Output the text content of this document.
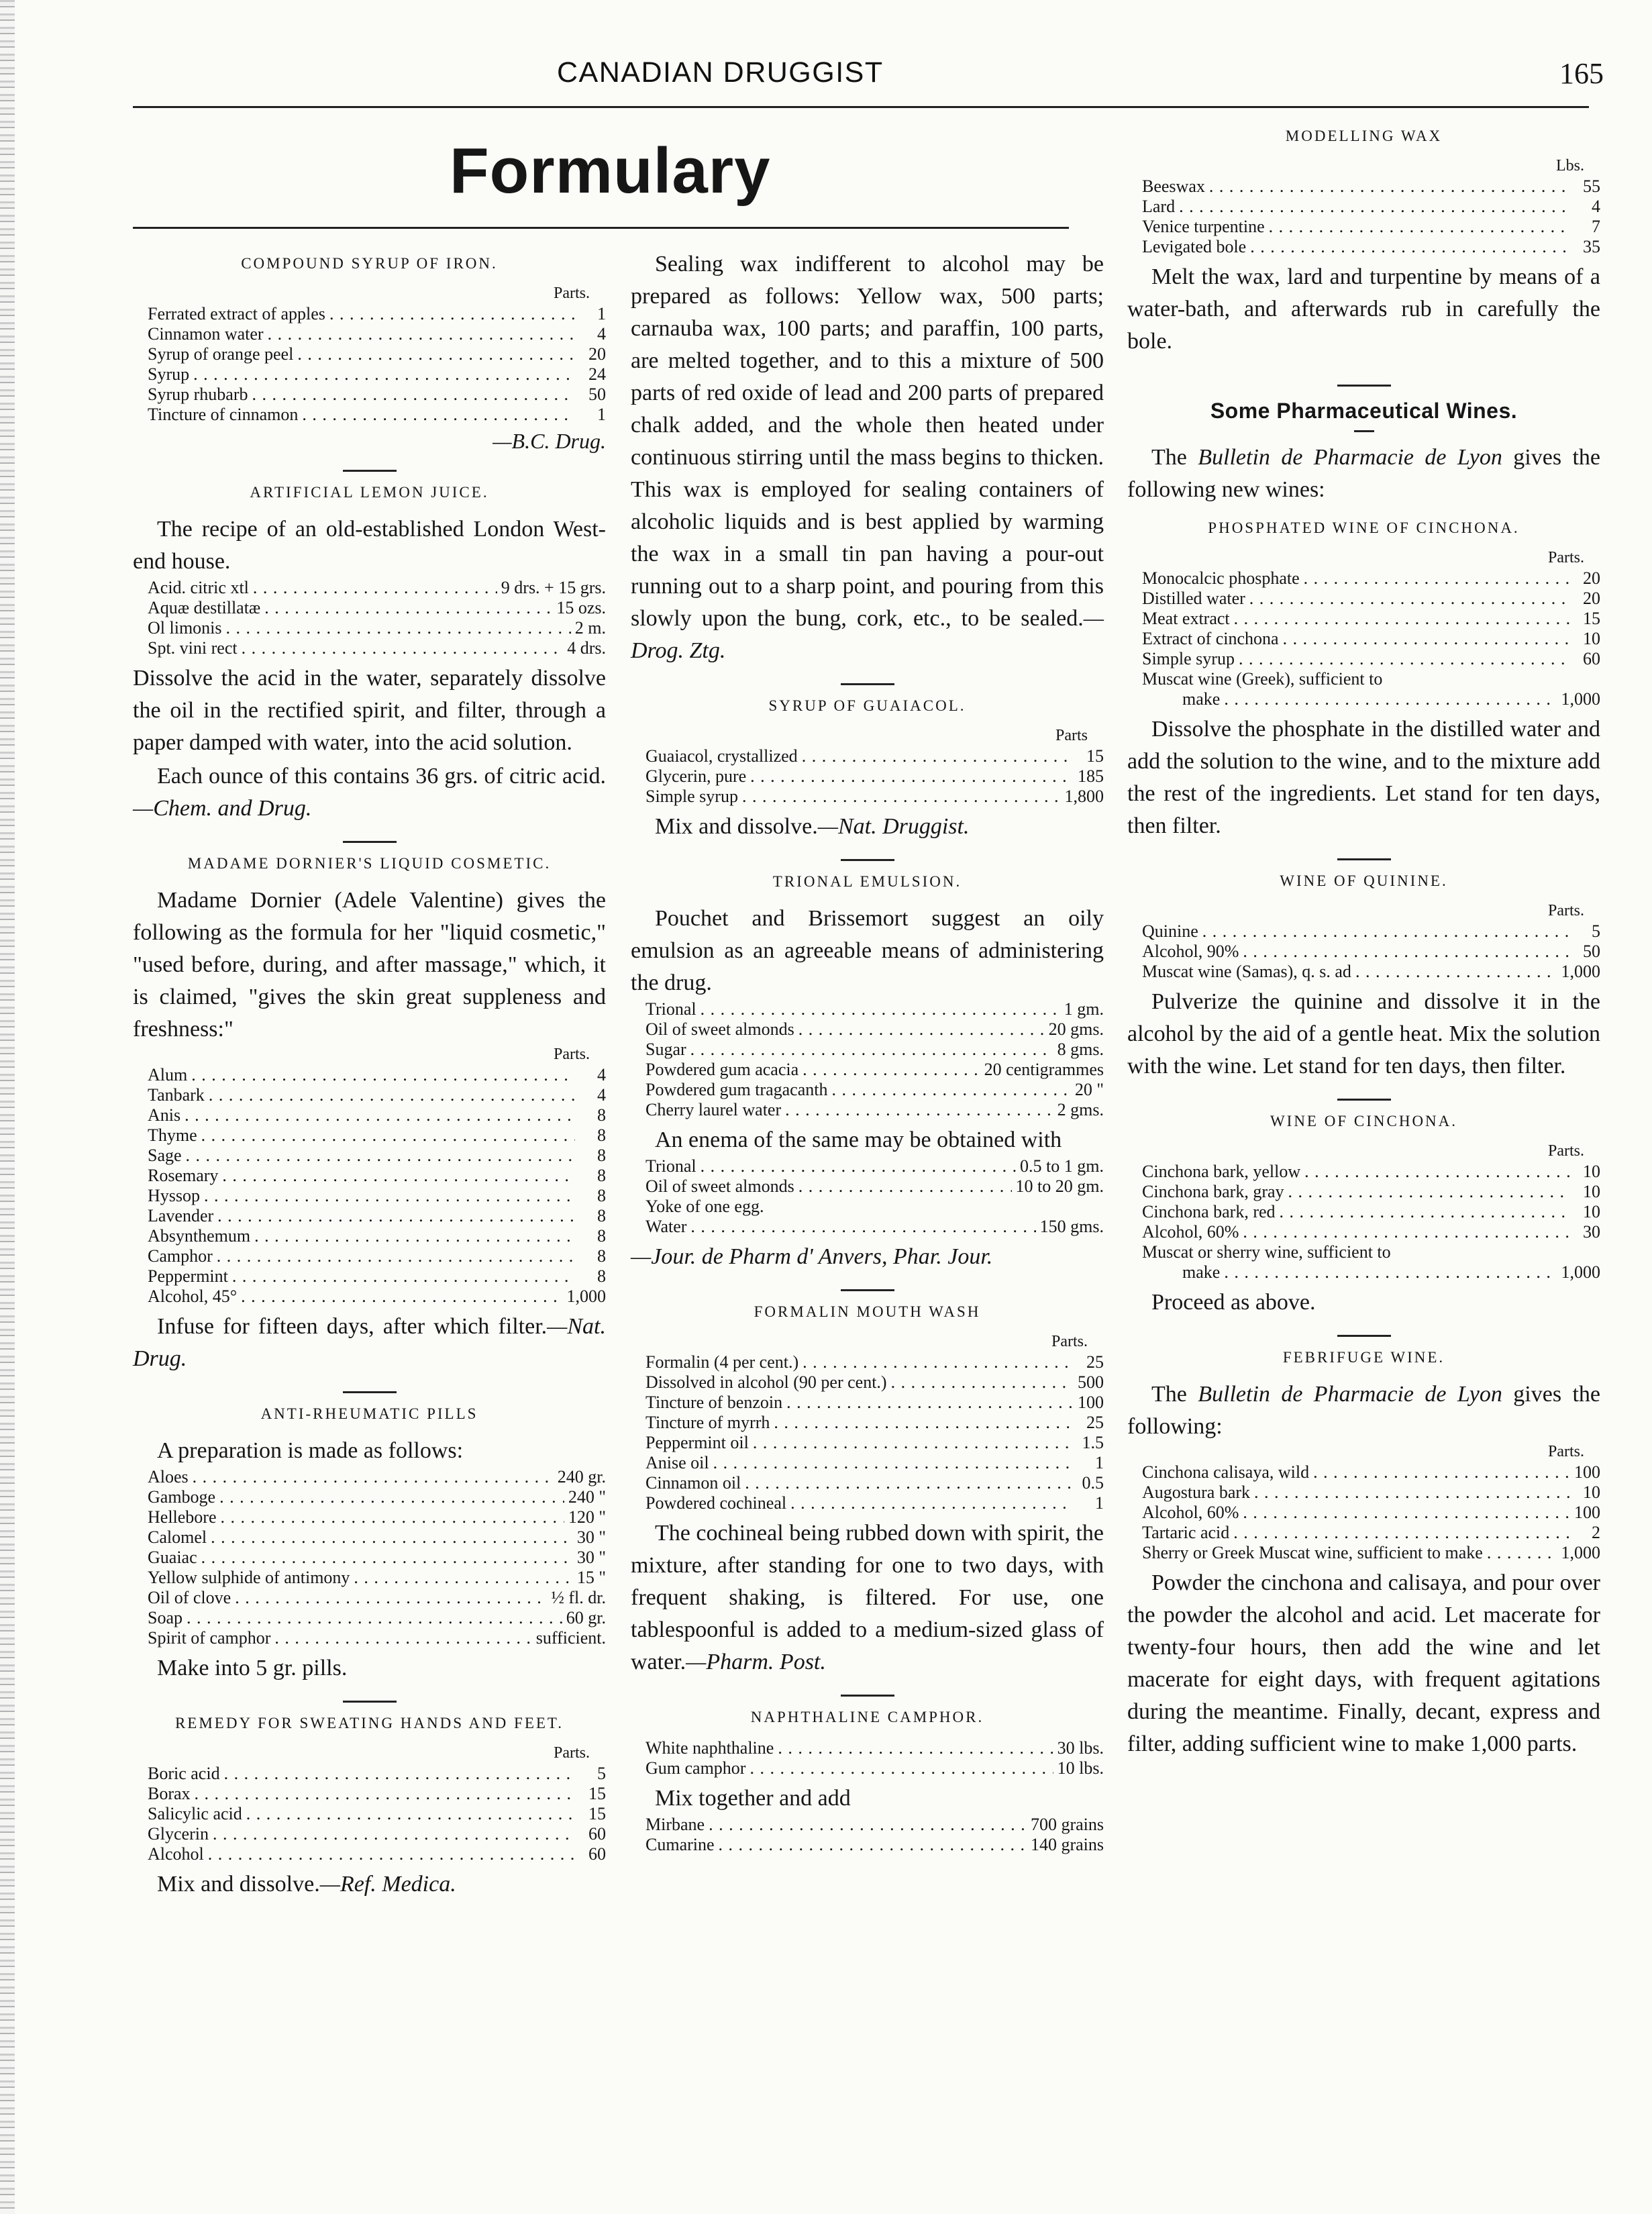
CANADIAN DRUGGIST	165
Formulary
COMPOUND SYRUP OF IRON.
Parts.
Ferrated extract of apples . . .	1
Cinnamon water . . .	4
Syrup of orange peel . . .	20
Syrup . . .	24
Syrup rhubarb . . .	50
Tincture of cinnamon . . .	1
—B.C. Drug.
ARTIFICIAL LEMON JUICE.

The recipe of an old-established London West-end house.

Acid. citric xtl . . .	9 drs. + 15 grs.
Aquæ destillatæ . . .	15 ozs.
Ol limonis . . .	2 m.
Spt. vini rect . . .	4 drs.

Dissolve the acid in the water, separately dissolve the oil in the rectified spirit, and filter, through a paper damped with water, into the acid solution.

Each ounce of this contains 36 grs. of citric acid.—Chem. and Drug.

MADAME DORNIER'S LIQUID COSMETIC.

Madame Dornier (Adele Valentine) gives the following as the formula for her "liquid cosmetic," "used before, during, and after massage," which, it is claimed, "gives the skin great suppleness and freshness:"

Parts.
Alum . . .	4
Tanbark . . .	4
Anis . . .	8
Thyme . . .	8
Sage . . .	8
Rosemary . . .	8
Hyssop . . .	8
Lavender . . .	8
Absynthemum . . .	8
Camphor . . .	8
Peppermint . . .	8
Alcohol, 45° . . .	1,000

Infuse for fifteen days, after which filter.—Nat. Drug.

ANTI-RHEUMATIC PILLS

A preparation is made as follows:

Aloes . . .	240 gr.
Gamboge . . .	240 "
Hellebore . . .	120 "
Calomel . . .	30 "
Guaiac . . .	30 "
Yellow sulphide of antimony . . .	15 "
Oil of clove . . .	½ fl. dr.
Soap . . .	60 gr.
Spirit of camphor . . .	sufficient.

Make into 5 gr. pills.

REMEDY FOR SWEATING HANDS AND FEET.
Parts.
Boric acid . . .	5
Borax . . .	15
Salicylic acid . . .	15
Glycerin . . .	60
Alcohol . . .	60

Mix and dissolve.—Ref. Medica.

Sealing wax indifferent to alcohol may be prepared as follows: Yellow wax, 500 parts; carnauba wax, 100 parts; and paraffin, 100 parts, are melted together, and to this a mixture of 500 parts of red oxide of lead and 200 parts of prepared chalk added, and the whole then heated under continuous stirring until the mass begins to thicken. This wax is employed for sealing containers of alcoholic liquids and is best applied by warming the wax in a small tin pan having a pour-out running out to a sharp point, and pouring from this slowly upon the bung, cork, etc., to be sealed.—Drog. Ztg.

SYRUP OF GUAIACOL.
Parts
Guaiacol, crystallized . . .	15
Glycerin, pure . . .	185
Simple syrup . . .	1,800

Mix and dissolve.—Nat. Druggist.

TRIONAL EMULSION.

Pouchet and Brissemort suggest an oily emulsion as an agreeable means of administering the drug.

Trional . . .	1 gm.
Oil of sweet almonds . . .	20 gms.
Sugar . . .	8 gms.
Powdered gum acacia . . .	20 centigrammes
Powdered gum tragacanth . . .	20 "
Cherry laurel water . . .	2 gms.

An enema of the same may be obtained with

Trional . . .	0.5 to 1 gm.
Oil of sweet almonds . . .	10 to 20 gm.
Yoke of one egg.
Water . . .	150 gms.

—Jour. de Pharm d' Anvers, Phar. Jour.

FORMALIN MOUTH WASH
Parts.
Formalin (4 per cent.) . . .	25
Dissolved in alcohol (90 per cent.) . . .	500
Tincture of benzoin . . .	100
Tincture of myrrh . . .	25
Peppermint oil . . .	1.5
Anise oil . . .	1
Cinnamon oil . . .	0.5
Powdered cochineal . . .	1

The cochineal being rubbed down with spirit, the mixture, after standing for one to two days, with frequent shaking, is filtered. For use, one tablespoonful is added to a medium-sized glass of water.—Pharm. Post.

NAPHTHALINE CAMPHOR.
White naphthaline . . .	30 lbs.
Gum camphor . . .	10 lbs.

Mix together and add

Mirbane . . .	700 grains
Cumarine . . .	140 grains
MODELLING WAX
Lbs.
Beeswax . . .	55
Lard . . .	4
Venice turpentine . . .	7
Levigated bole . . .	35

Melt the wax, lard and turpentine by means of a water-bath, and afterwards rub in carefully the bole.

Some Pharmaceutical Wines.

The Bulletin de Pharmacie de Lyon gives the following new wines:

PHOSPHATED WINE OF CINCHONA.
Parts.
Monocalcic phosphate . . .	20
Distilled water . . .	20
Meat extract . . .	15
Extract of cinchona . . .	10
Simple syrup . . .	60
Muscat wine (Greek), sufficient to
make . . .	1,000

Dissolve the phosphate in the distilled water and add the solution to the wine, and to the mixture add the rest of the ingredients. Let stand for ten days, then filter.

WINE OF QUININE.
Parts.
Quinine . . .	5
Alcohol, 90% . . .	50
Muscat wine (Samas), q. s. ad . . .	1,000

Pulverize the quinine and dissolve it in the alcohol by the aid of a gentle heat. Mix the solution with the wine. Let stand for ten days, then filter.

WINE OF CINCHONA.
Parts.
Cinchona bark, yellow . . .	10
Cinchona bark, gray . . .	10
Cinchona bark, red . . .	10
Alcohol, 60% . . .	30
Muscat or sherry wine, sufficient to
make . . .	1,000

Proceed as above.

FEBRIFUGE WINE.

The Bulletin de Pharmacie de Lyon gives the following:

Parts.
Cinchona calisaya, wild . . .	100
Augostura bark . . .	10
Alcohol, 60% . . .	100
Tartaric acid . . .	2
Sherry or Greek Muscat wine, sufficient to make . . .	1,000

Powder the cinchona and calisaya, and pour over the powder the alcohol and acid. Let macerate for twenty-four hours, then add the wine and let macerate for eight days, with frequent agitations during the meantime. Finally, decant, express and filter, adding sufficient wine to make 1,000 parts.
